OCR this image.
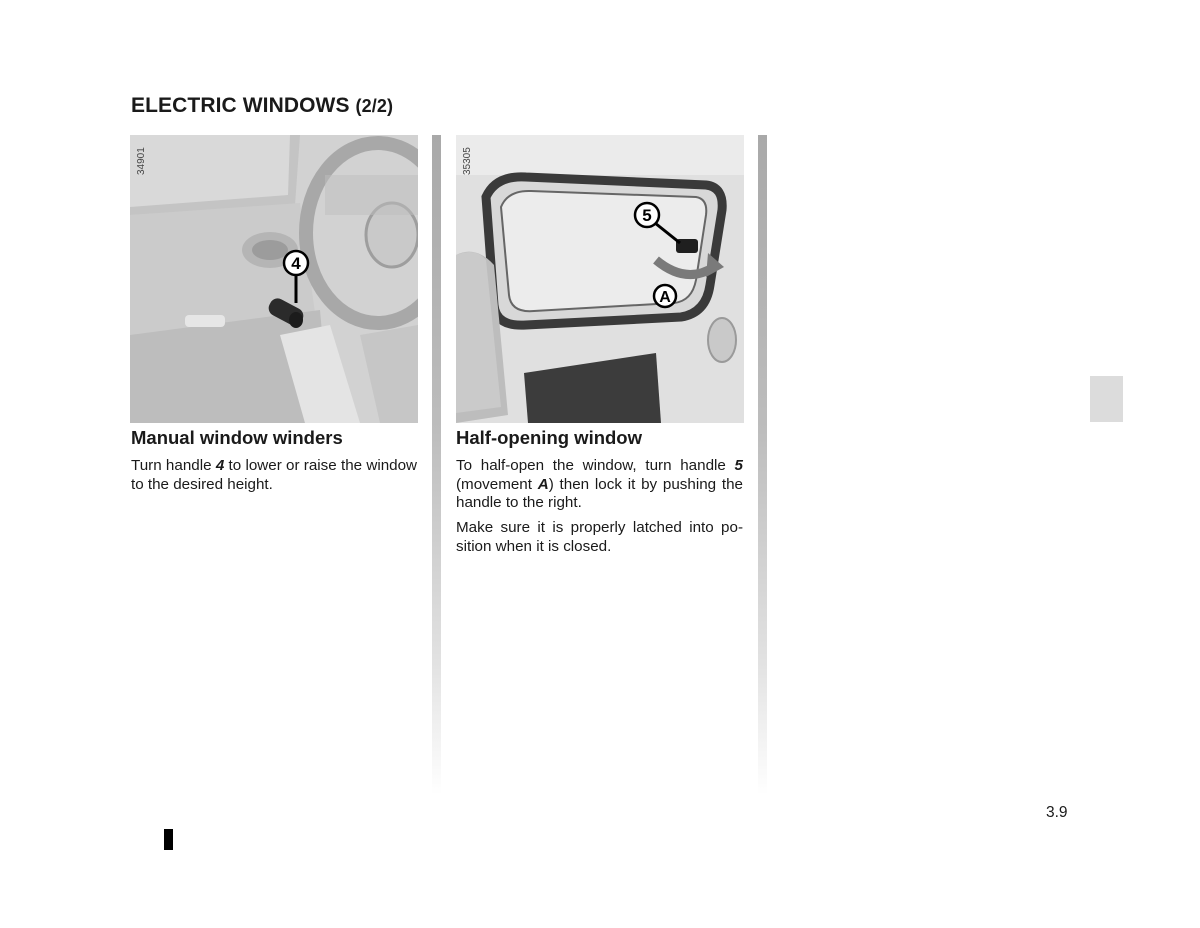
ELECTRIC WINDOWS (2/2)
34901
4
35305
5
A
Manual window winders

Turn handle 4 to lower or raise the window to the desired height.

Half-opening window

To half-open the window, turn handle 5 (movement A) then lock it by pushing the handle to the right.

Make sure it is properly latched into po-sition when it is closed.

3.9
